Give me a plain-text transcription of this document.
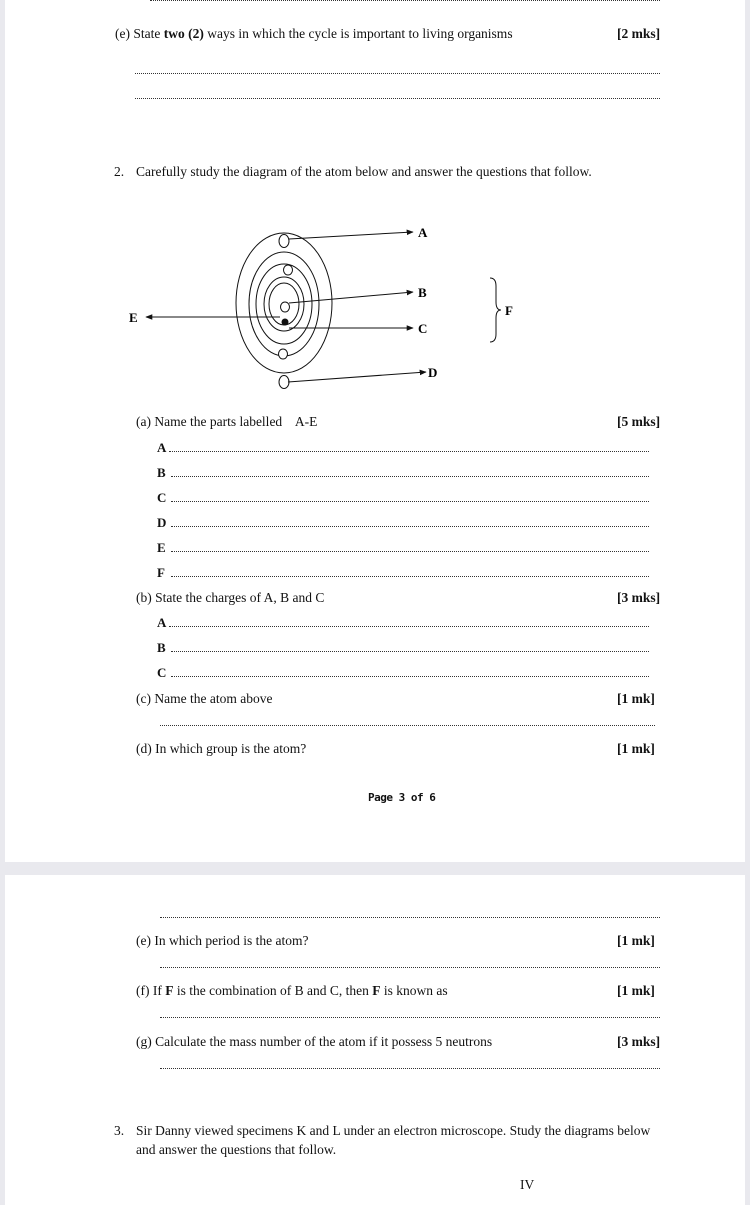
(e) State two (2) ways in which the cycle is important to living organisms	[2 mks]
2. Carefully study the diagram of the atom below and answer the questions that follow.
A
B
C
D
E	F
(a) Name the parts labelled    A-E	[5 mks]
A
B
C
D
E
F
(b) State the charges of A, B and C	[3 mks]
A
B
C
(c) Name the atom above	[1 mk]
(d) In which group is the atom?	[1 mk]
Page 3 of 6
(e) In which period is the atom?	[1 mk]
(f) If F is the combination of B and C, then F is known as	[1 mk]
(g) Calculate the mass number of the atom if it possess 5 neutrons	[3 mks]
3. Sir Danny viewed specimens K and L under an electron microscope. Study the diagrams below
and answer the questions that follow.
IV
